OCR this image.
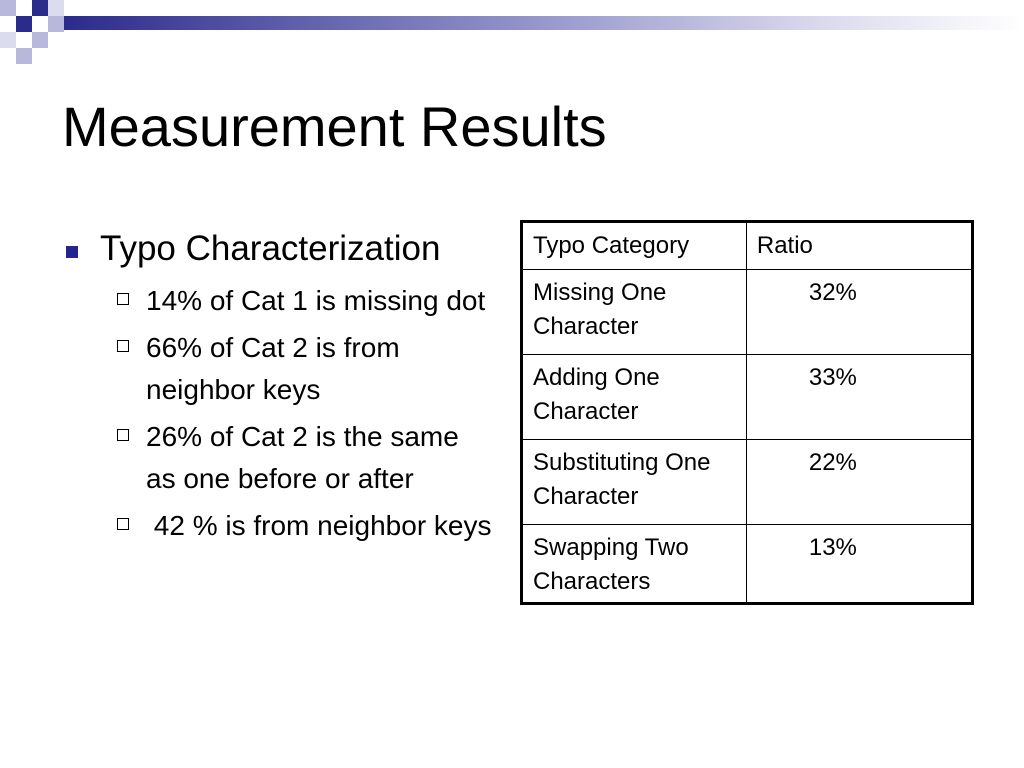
Measurement Results
Typo Characterization
14% of Cat 1 is missing dot
66% of Cat 2 is from neighbor keys
26% of Cat 2 is the same as one before or after
42 % is from neighbor keys
Typo Category	Ratio
Missing One Character	32%
Adding One Character	33%
Substituting One Character	22%
Swapping Two Characters	13%
